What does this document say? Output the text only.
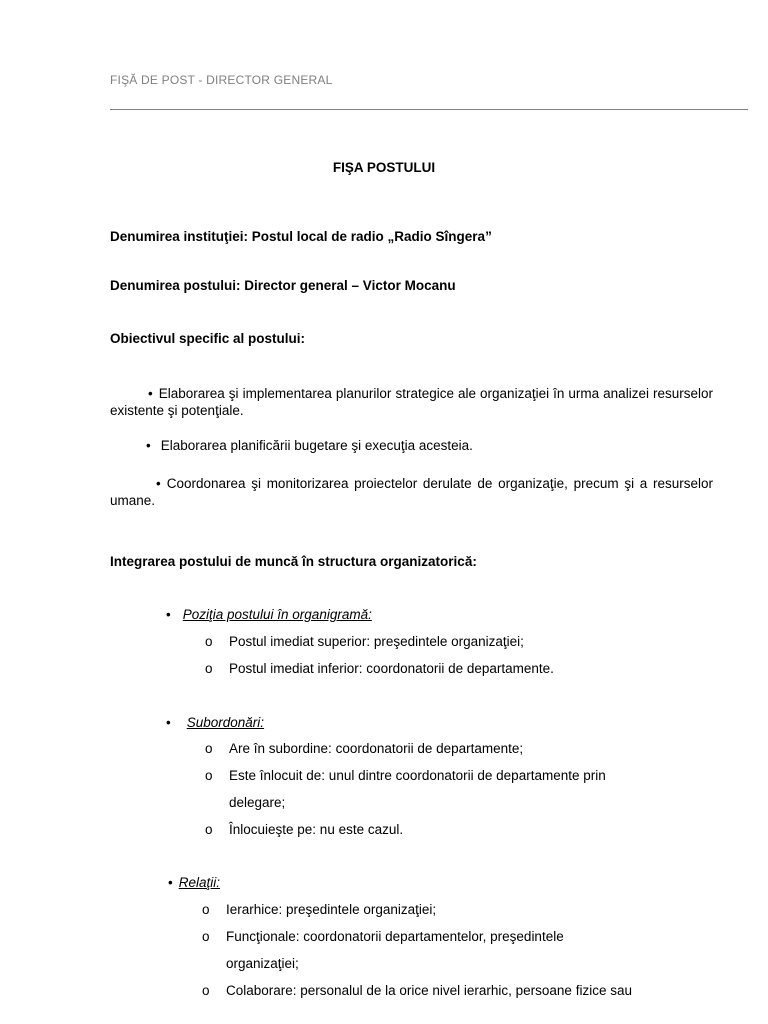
FIŞĂ DE POST - DIRECTOR GENERAL
FIŞA POSTULUI
Denumirea instituţiei: Postul local de radio „Radio Sîngera”
Denumirea postului: Director general – Victor Mocanu
Obiectivul specific al postului:
• Elaborarea şi implementarea planurilor strategice ale organizaţiei în urma analizei resurselor existente şi potenţiale.
• Elaborarea planificării bugetare şi execuţia acesteia.
• Coordonarea şi monitorizarea proiectelor derulate de organizaţie, precum şi a resurselor umane.
Integrarea postului de muncă în structura organizatorică:
• Poziţia postului în organigramă:
o Postul imediat superior: preşedintele organizaţiei;
o Postul imediat inferior: coordonatorii de departamente.
• Subordonări:
o Are în subordine: coordonatorii de departamente;
o Este înlocuit de: unul dintre coordonatorii de departamente prin
delegare;
o Înlocuieşte pe: nu este cazul.
• Relaţii:
o Ierarhice: preşedintele organizaţiei;
o Funcţionale: coordonatorii departamentelor, preşedintele
organizaţiei;
o Colaborare: personalul de la orice nivel ierarhic, persoane fizice sau
